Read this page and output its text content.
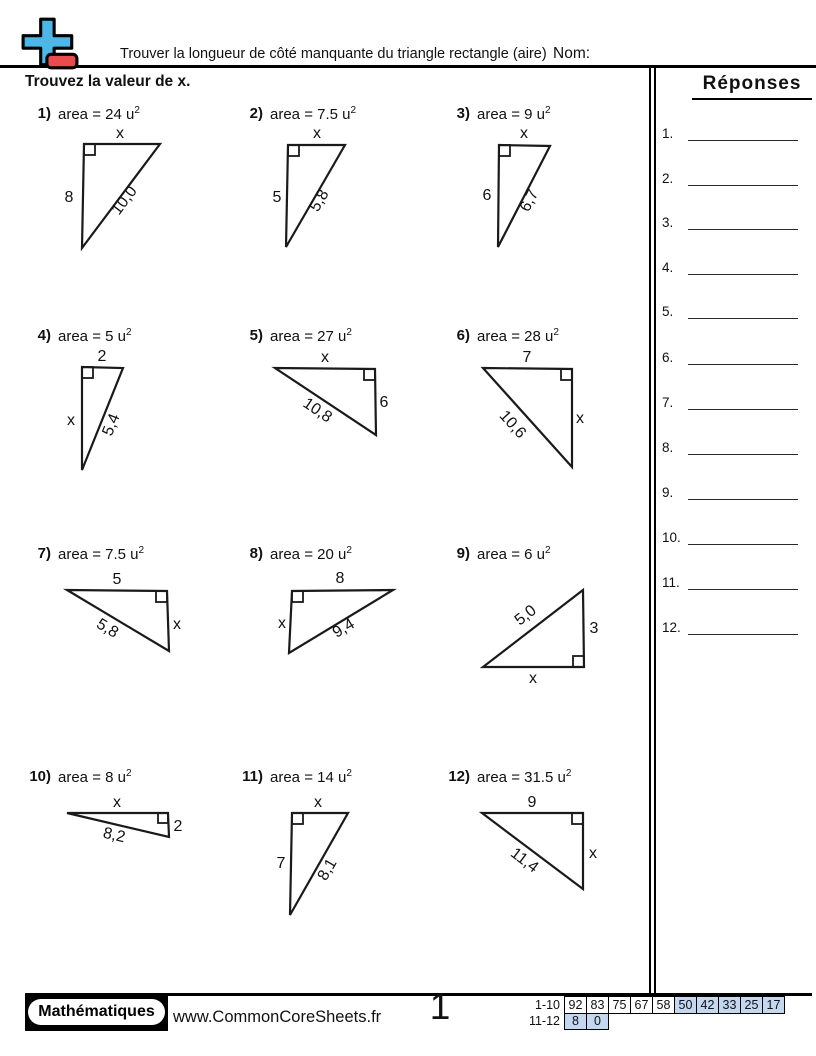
Trouver la longueur de côté manquante du triangle rectangle (aire) Nom:
Trouvez la valeur de x.
1) area = 24 $u^2$
x
8 10,0
2) area = 7.5 $u^2$
x
5 5,8
3) area = 9 $u^2$
x
6 6,7
4) area = 5 $u^2$
2
x 5,4
5) area = 27 $u^2$
x
6
10,8
6) area = 28 $u^2$
7
x
10,6
7) area = 7.5 $u^2$
5
x
5,8
8) area = 20 $u^2$
8
x	9,4
9) area = 6 $u^2$
x
3
5,0
10) area = 8 $u^2$
x
2
8,2
11) area = 14 $u^2$
x
7 8,1
12) area = 31.5 $u^2$
9
x
11,4
Réponses
1.
2.
3.
4.
5.
6.
7.
8.
9.
10.
11.
12.
Mathématiques	www.CommonCoreSheets.fr	1	1-10	92	83	75	67	58	50	42	33	25	17
11-12	8	0								
